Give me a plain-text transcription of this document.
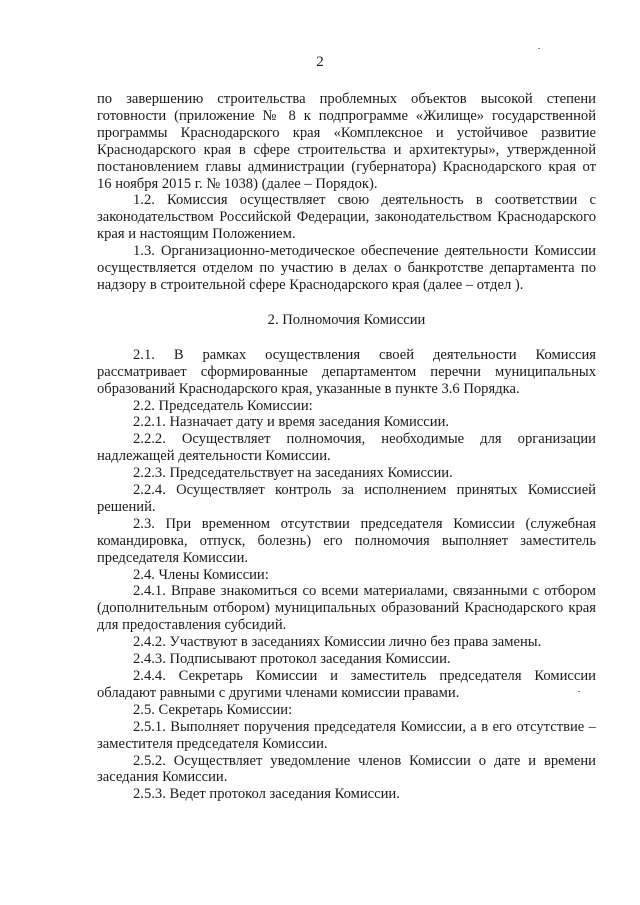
2

по завершению строительства проблемных объектов высокой степени готовности (приложение № 8 к подпрограмме «Жилище» государственной программы Краснодарского края «Комплексное и устойчивое развитие Краснодарского края в сфере строительства и архитектуры», утвержденной постановлением главы администрации (губернатора) Краснодарского края от 16 ноября 2015 г. № 1038) (далее – Порядок).

1.2. Комиссия осуществляет свою деятельность в соответствии с законодательством Российской Федерации, законодательством Краснодарского края и настоящим Положением.

1.3. Организационно-методическое обеспечение деятельности Комиссии осуществляется отделом по участию в делах о банкротстве департамента по надзору в строительной сфере Краснодарского края (далее – отдел ).

2. Полномочия Комиссии

2.1. В рамках осуществления своей деятельности Комиссия рассматривает сформированные департаментом перечни муниципальных образований Краснодарского края, указанные в пункте 3.6 Порядка.

2.2. Председатель Комиссии:

2.2.1. Назначает дату и время заседания Комиссии.

2.2.2. Осуществляет полномочия, необходимые для организации надлежащей деятельности Комиссии.

2.2.3. Председательствует на заседаниях Комиссии.

2.2.4. Осуществляет контроль за исполнением принятых Комиссией решений.

2.3. При временном отсутствии председателя Комиссии (служебная командировка, отпуск, болезнь) его полномочия выполняет заместитель председателя Комиссии.

2.4. Члены Комиссии:

2.4.1. Вправе знакомиться со всеми материалами, связанными с отбором (дополнительным отбором) муниципальных образований Краснодарского края для предоставления субсидий.

2.4.2. Участвуют в заседаниях Комиссии лично без права замены.

2.4.3. Подписывают протокол заседания Комиссии.

2.4.4. Секретарь Комиссии и заместитель председателя Комиссии обладают равными с другими членами комиссии правами.

2.5. Секретарь Комиссии:

2.5.1. Выполняет поручения председателя Комиссии, а в его отсутствие – заместителя председателя Комиссии.

2.5.2. Осуществляет уведомление членов Комиссии о дате и времени заседания Комиссии.

2.5.3. Ведет протокол заседания Комиссии.
